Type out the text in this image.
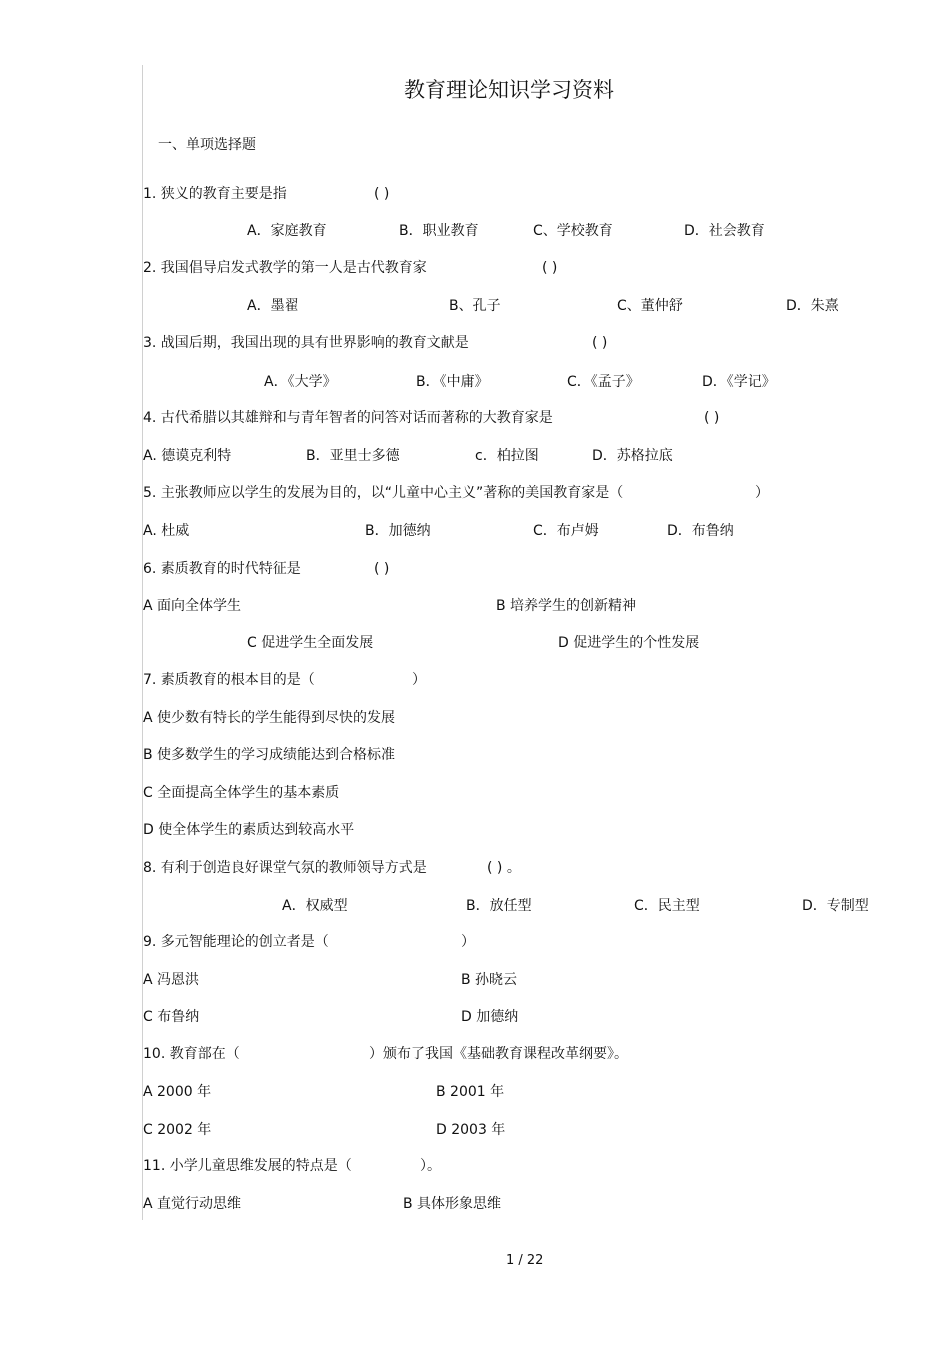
教育理论知识学习资料
一、单项选择题
1. 狭义的教育主要是指	( )
A．家庭教育	B．职业教育	C、学校教育	D．社会教育
2. 我国倡导启发式教学的第一人是古代教育家	( )
A．墨翟	B、孔子	C、董仲舒	D．朱熹
3. 战国后期，我国出现的具有世界影响的教育文献是	( )
A．《大学》	B．《中庸》	C．《孟子》	D．《学记》
4. 古代希腊以其雄辩和与青年智者的问答对话而著称的大教育家是	( )
A. 德谟克利特	B．亚里士多德	c．柏拉图	D．苏格拉底
5. 主张教师应以学生的发展为目的，以“儿童中心主义”著称的美国教育家是（	）
A. 杜威	B．加德纳	C．布卢姆	D．布鲁纳
6. 素质教育的时代特征是	( )
A 面向全体学生	B 培养学生的创新精神
C 促进学生全面发展	D 促进学生的个性发展
7. 素质教育的根本目的是（	）
A 使少数有特长的学生能得到尽快的发展
B 使多数学生的学习成绩能达到合格标准
C 全面提高全体学生的基本素质
D 使全体学生的素质达到较高水平
8. 有利于创造良好课堂气氛的教师领导方式是	( ) 。
A．权威型	B．放任型	C．民主型	D．专制型
9. 多元智能理论的创立者是（	）
A 冯恩洪	B 孙晓云
C 布鲁纳	D 加德纳
10. 教育部在（	）颁布了我国《基础教育课程改革纲要》。
A 2000 年	B 2001 年
C 2002 年	D 2003 年
11. 小学儿童思维发展的特点是（	）。
A 直觉行动思维	B 具体形象思维
1 / 22
